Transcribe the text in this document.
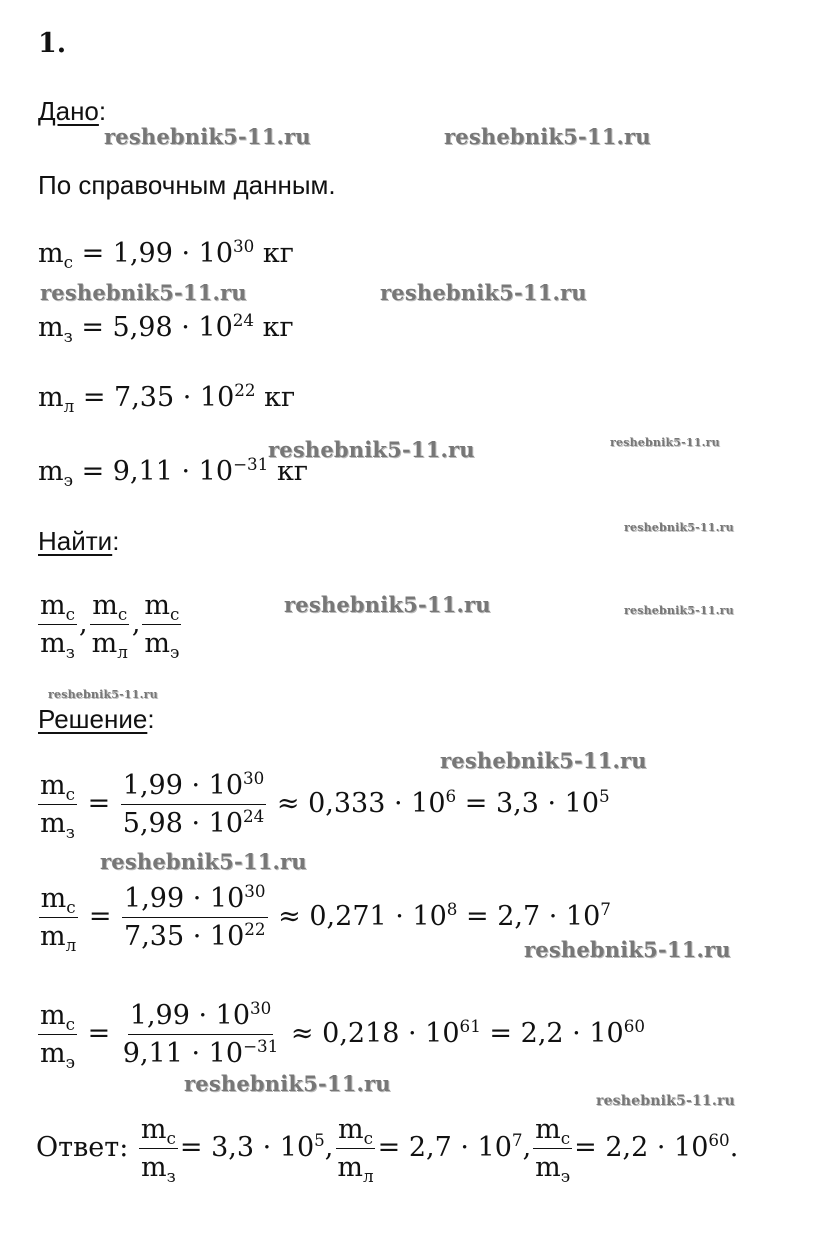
1.
Дано:
По справочным данным.
$m_с = 1,99 \cdot 10^{30}$ кг
$m_з = 5,98 \cdot 10^{24}$ кг
$m_л = 7,35 \cdot 10^{22}$ кг
$m_э = 9,11 \cdot 10^{-31}$ кг
Найти:
$\frac{m_c}{m_з}$ , $\frac{m_c}{m_л}$ , $\frac{m_c}{m_э}$
Решение:
$\frac{m_c}{m_з} = \frac{1,99 \cdot 10^{30}}{5,98 \cdot 10^{24}} \approx 0,333 \cdot 10^6 = 3,3 \cdot 10^5$
$\frac{m_c}{m_л} = \frac{1,99 \cdot 10^{30}}{7,35 \cdot 10^{22}} \approx 0,271 \cdot 10^8 = 2,7 \cdot 10^7$
$\frac{m_c}{m_э} = \frac{1,99 \cdot 10^{30}}{9,11 \cdot 10^{-31}} \approx 0,218 \cdot 10^{61} = 2,2 \cdot 10^{60}$
Ответ: $\frac{m_c}{m_з} = 3,3 \cdot 10^5$, $\frac{m_c}{m_л} = 2,7 \cdot 10^7$, $\frac{m_c}{m_э} = 2,2 \cdot 10^{60}$.
reshebnik5-11.ru	reshebnik5-11.ru
reshebnik5-11.ru	reshebnik5-11.ru
reshebnik5-11.ru	reshebnik5-11.ru
reshebnik5-11.ru
reshebnik5-11.ru	reshebnik5-11.ru
reshebnik5-11.ru
reshebnik5-11.ru
reshebnik5-11.ru
reshebnik5-11.ru
reshebnik5-11.ru
reshebnik5-11.ru
